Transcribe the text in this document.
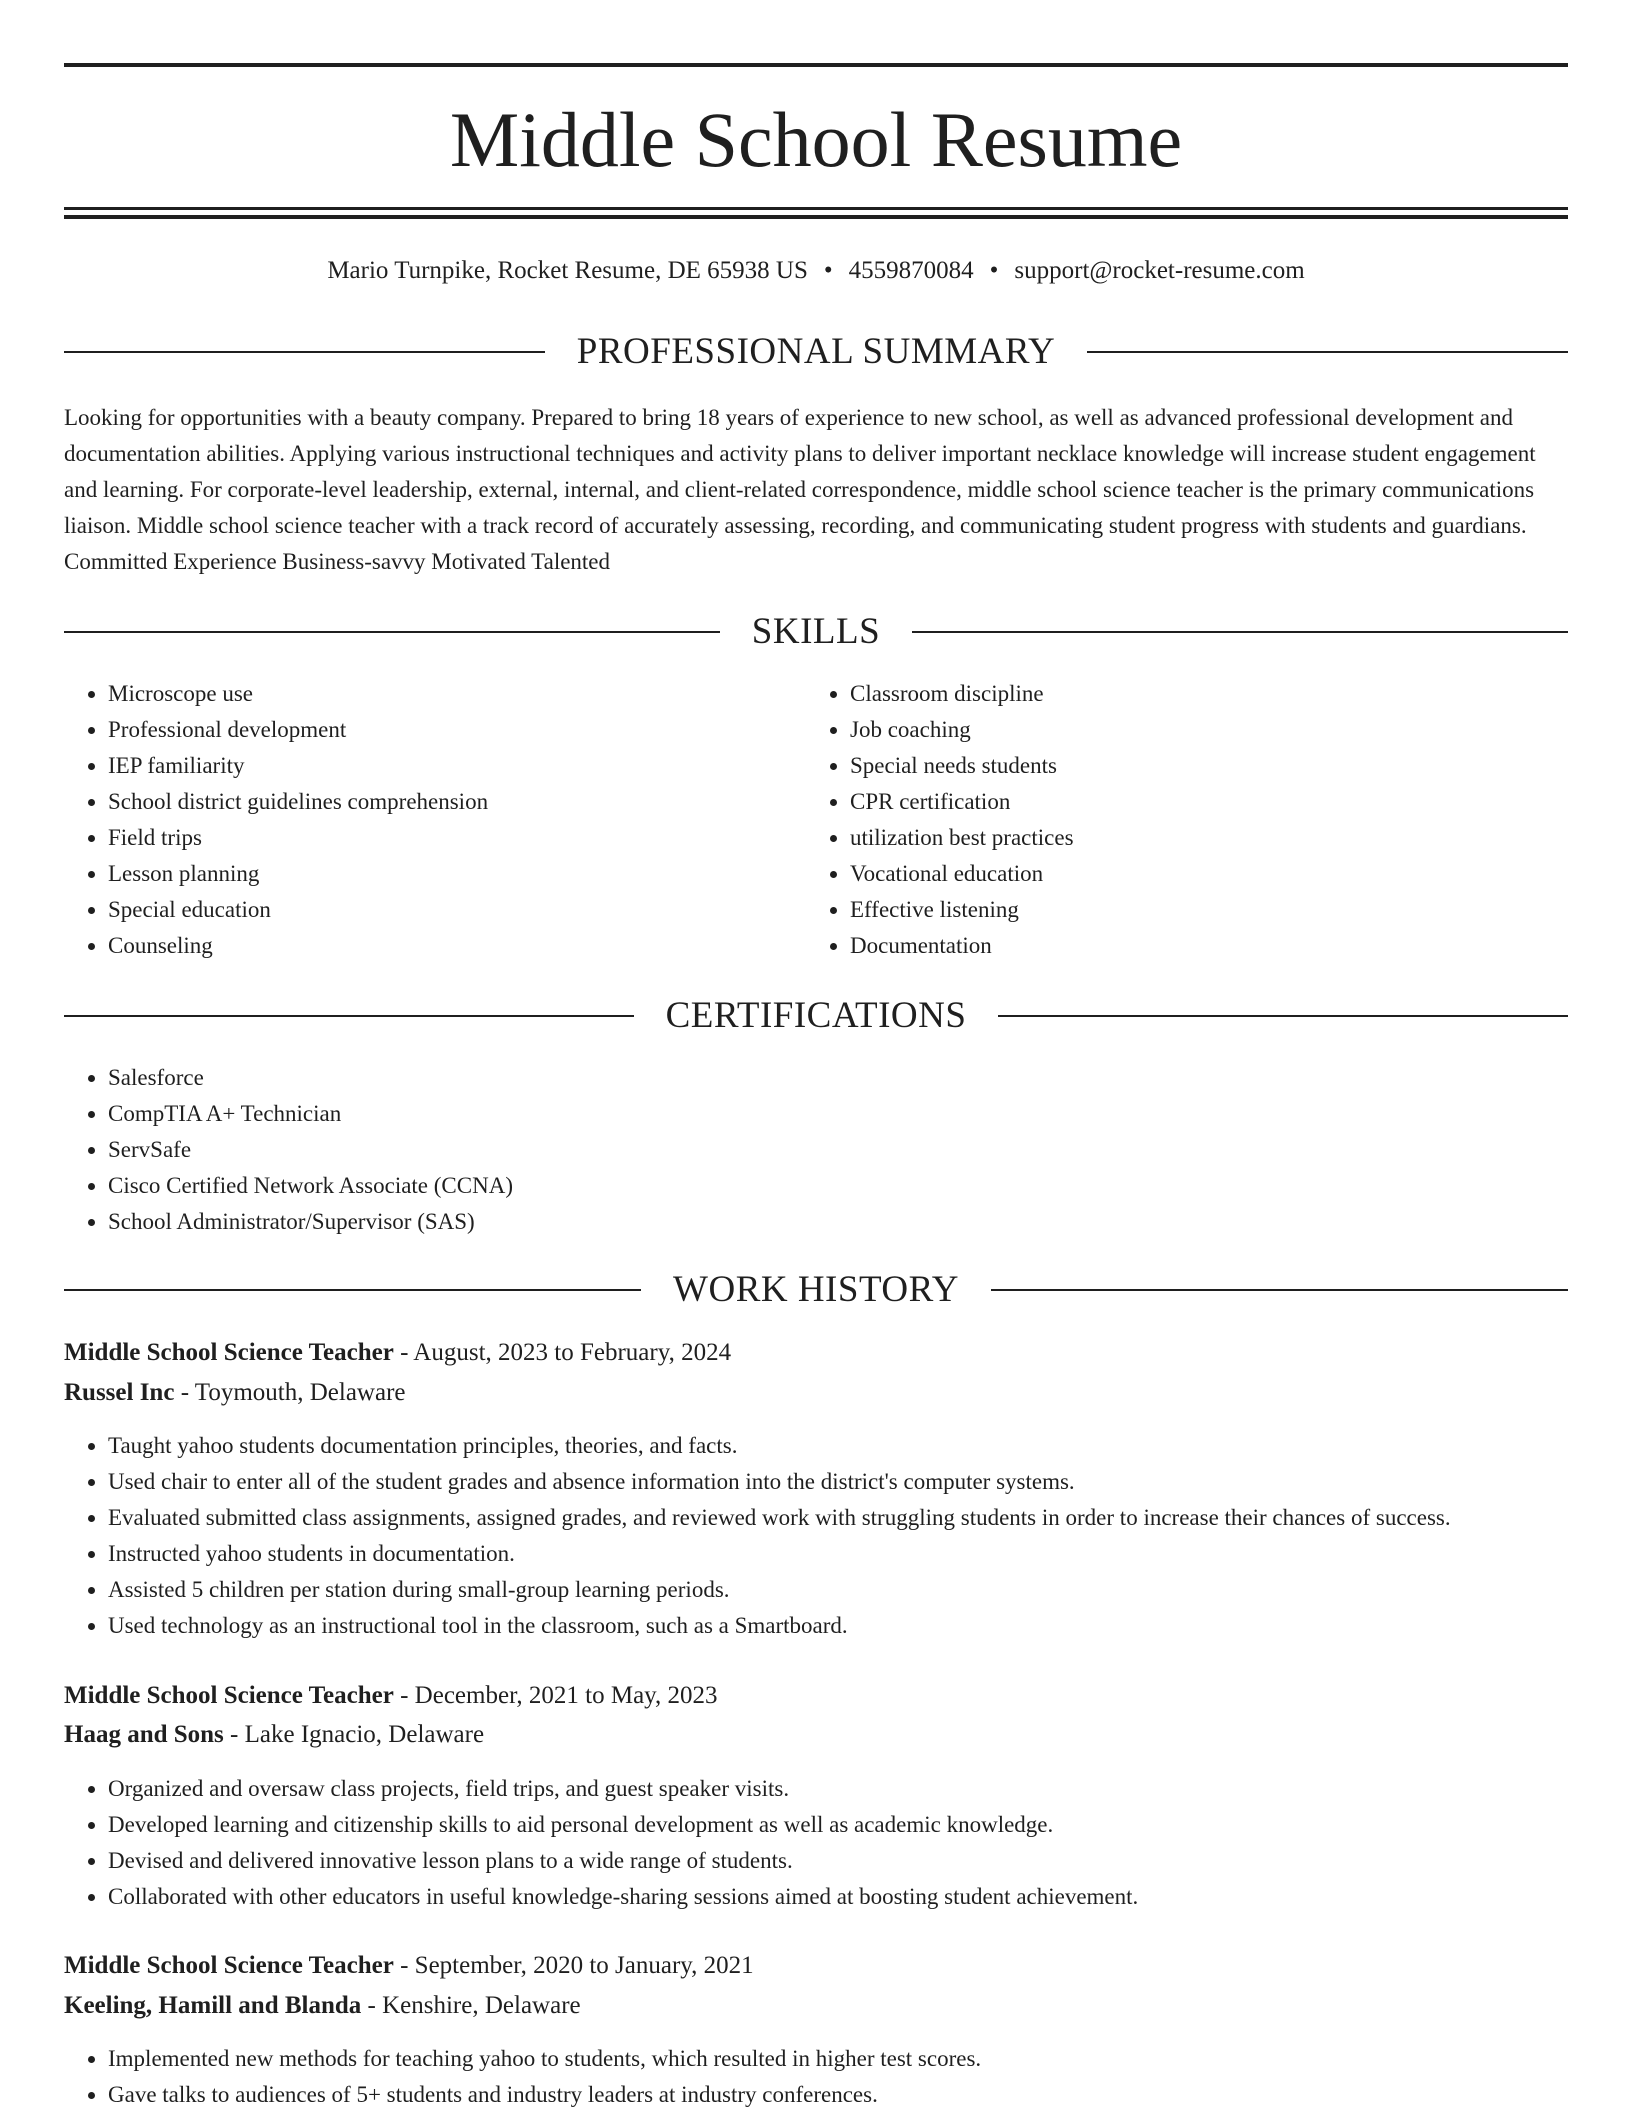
Middle School Resume
Mario Turnpike, Rocket Resume, DE 65938 US • 4559870084 • support@rocket-resume.com
PROFESSIONAL SUMMARY

Looking for opportunities with a beauty company. Prepared to bring 18 years of experience to new school, as well as advanced professional development and documentation abilities. Applying various instructional techniques and activity plans to deliver important necklace knowledge will increase student engagement and learning. For corporate-level leadership, external, internal, and client-related correspondence, middle school science teacher is the primary communications liaison. Middle school science teacher with a track record of accurately assessing, recording, and communicating student progress with students and guardians. Committed Experience Business-savvy Motivated Talented

SKILLS
• Microscope use
• Professional development
• IEP familiarity
• School district guidelines comprehension
• Field trips
• Lesson planning
• Special education
• Counseling
• Classroom discipline
• Job coaching
• Special needs students
• CPR certification
• utilization best practices
• Vocational education
• Effective listening
• Documentation
CERTIFICATIONS
• Salesforce
• CompTIA A+ Technician
• ServSafe
• Cisco Certified Network Associate (CCNA)
• School Administrator/Supervisor (SAS)
WORK HISTORY
Middle School Science Teacher - August, 2023 to February, 2024
Russel Inc - Toymouth, Delaware
• Taught yahoo students documentation principles, theories, and facts.
• Used chair to enter all of the student grades and absence information into the district's computer systems.
• Evaluated submitted class assignments, assigned grades, and reviewed work with struggling students in order to increase their chances of success.
• Instructed yahoo students in documentation.
• Assisted 5 children per station during small-group learning periods.
• Used technology as an instructional tool in the classroom, such as a Smartboard.
Middle School Science Teacher - December, 2021 to May, 2023
Haag and Sons - Lake Ignacio, Delaware
• Organized and oversaw class projects, field trips, and guest speaker visits.
• Developed learning and citizenship skills to aid personal development as well as academic knowledge.
• Devised and delivered innovative lesson plans to a wide range of students.
• Collaborated with other educators in useful knowledge-sharing sessions aimed at boosting student achievement.
Middle School Science Teacher - September, 2020 to January, 2021
Keeling, Hamill and Blanda - Kenshire, Delaware
• Implemented new methods for teaching yahoo to students, which resulted in higher test scores.
• Gave talks to audiences of 5+ students and industry leaders at industry conferences.
